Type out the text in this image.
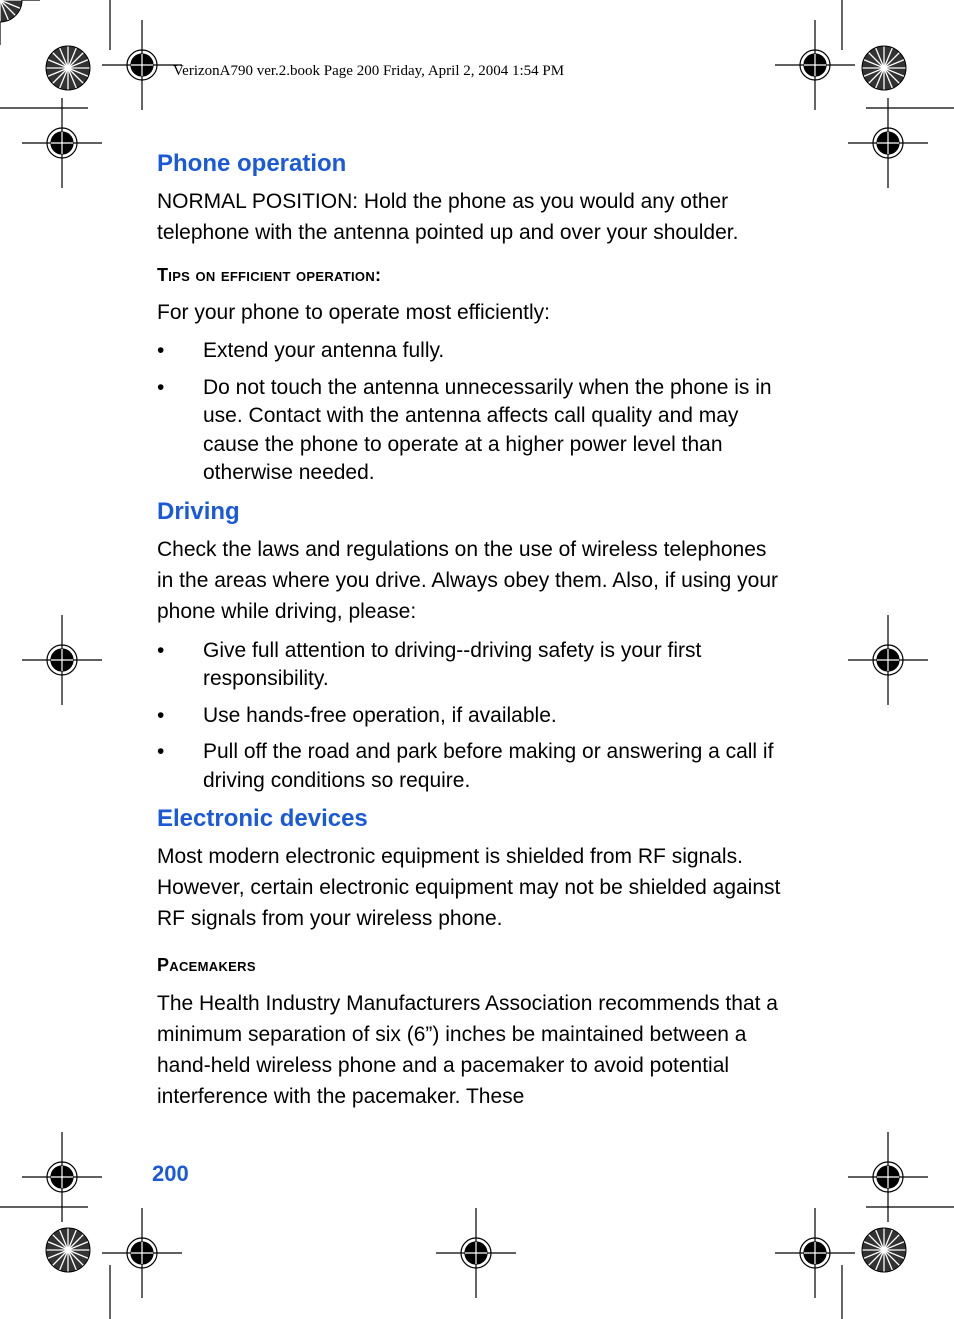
VerizonA790 ver.2.book Page 200 Friday, April 2, 2004 1:54 PM
Phone operation

NORMAL POSITION: Hold the phone as you would any other telephone with the antenna pointed up and over your shoulder.

Tips on efficient operation:

For your phone to operate most efficiently:

• Extend your antenna fully.
• Do not touch the antenna unnecessarily when the phone is in use. Contact with the antenna affects call quality and may cause the phone to operate at a higher power level than otherwise needed.
Driving

Check the laws and regulations on the use of wireless telephones in the areas where you drive. Always obey them. Also, if using your phone while driving, please:

• Give full attention to driving--driving safety is your first responsibility.
• Use hands-free operation, if available.
• Pull off the road and park before making or answering a call if driving conditions so require.
Electronic devices

Most modern electronic equipment is shielded from RF signals. However, certain electronic equipment may not be shielded against RF signals from your wireless phone.

Pacemakers

The Health Industry Manufacturers Association recommends that a minimum separation of six (6”) inches be maintained between a hand-held wireless phone and a pacemaker to avoid potential interference with the pacemaker. These

200
